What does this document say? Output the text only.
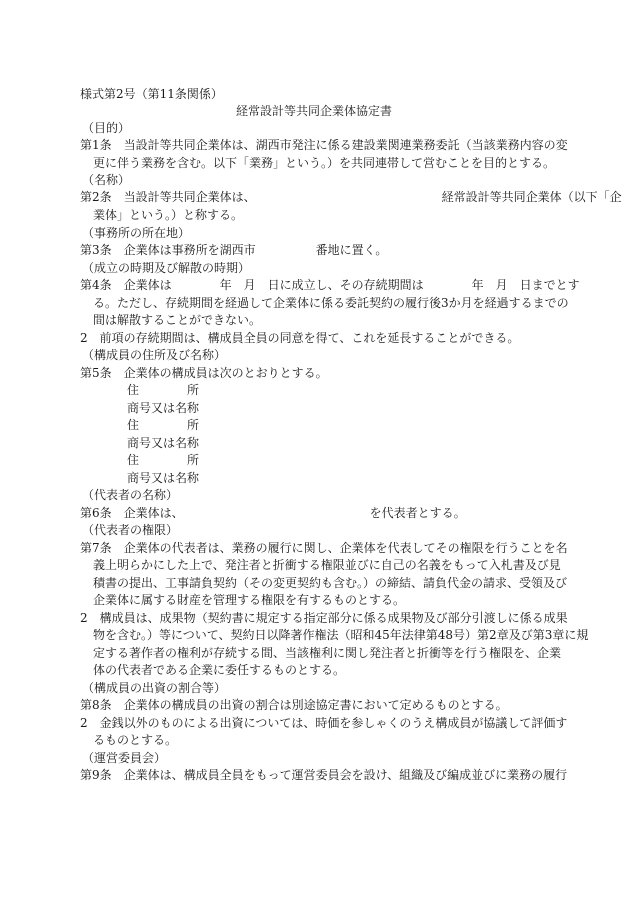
様式第2号（第11条関係）
経常設計等共同企業体協定書
（目的）
第1条　当設計等共同企業体は、湖西市発注に係る建設業関連業務委託（当該業務内容の変
更に伴う業務を含む。以下「業務」という。）を共同連帯して営むことを目的とする。
（名称）
第2条　当設計等共同企業体は、　　　　　　　　　　　　　　　　経常設計等共同企業体（以下「企
業体」という。）と称する。
（事務所の所在地）
第3条　企業体は事務所を湖西市　　　　　番地に置く。
（成立の時期及び解散の時期）
第4条　企業体は　　　　年　月　日に成立し、その存続期間は　　　　年　月　日までとす
る。ただし、存続期間を経過して企業体に係る委託契約の履行後3か月を経過するまでの
間は解散することができない。
2　前項の存続期間は、構成員全員の同意を得て、これを延長することができる。
（構成員の住所及び名称）
第5条　企業体の構成員は次のとおりとする。
住　　　　所
商号又は名称
住　　　　所
商号又は名称
住　　　　所
商号又は名称
（代表者の名称）
第6条　企業体は、　　　　　　　　　　　　　　　　を代表者とする。
（代表者の権限）
第7条　企業体の代表者は、業務の履行に関し、企業体を代表してその権限を行うことを名
義上明らかにした上で、発注者と折衝する権限並びに自己の名義をもって入札書及び見
積書の提出、工事請負契約（その変更契約も含む。）の締結、請負代金の請求、受領及び
企業体に属する財産を管理する権限を有するものとする。
2　構成員は、成果物（契約書に規定する指定部分に係る成果物及び部分引渡しに係る成果
物を含む。）等について、契約日以降著作権法（昭和45年法律第48号）第2章及び第3章に規
定する著作者の権利が存続する間、当該権利に関し発注者と折衝等を行う権限を、企業
体の代表者である企業に委任するものとする。
（構成員の出資の割合等）
第8条　企業体の構成員の出資の割合は別途協定書において定めるものとする。
2　金銭以外のものによる出資については、時価を参しゃくのうえ構成員が協議して評価す
るものとする。
（運営委員会）
第9条　企業体は、構成員全員をもって運営委員会を設け、組織及び編成並びに業務の履行
